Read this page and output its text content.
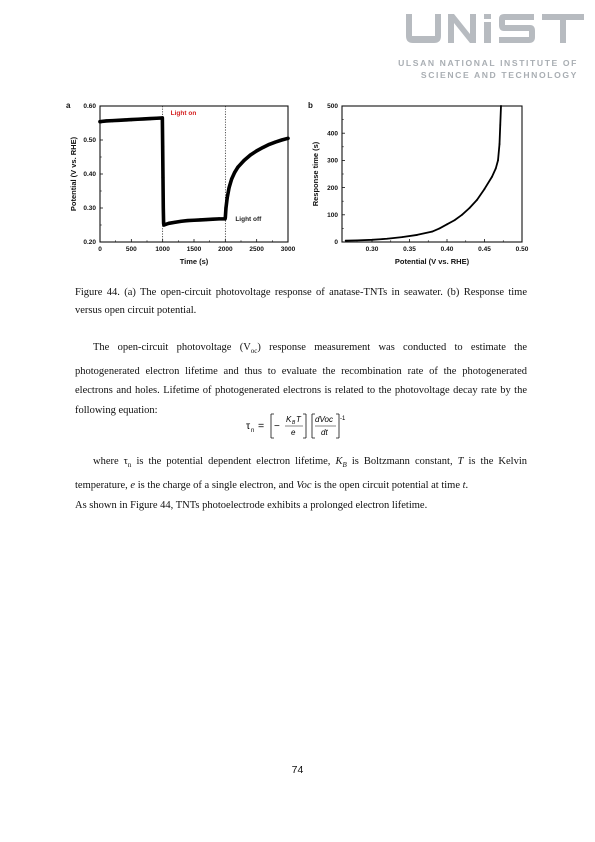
UNIST
ULSAN NATIONAL INSTITUTE OF
SCIENCE AND TECHNOLOGY
a
0	500	1000	1500	2000	2500	3000
0.20
0.30
0.40
0.50
0.60
Time (s)
Potential (V vs. RHE)
Light on
Light off
b
0.30	0.35	0.40	0.45	0.50
0
100
200
300
400
500
Potential (V vs. RHE)
Response time (s)
Figure 44. (a) The open-circuit photovoltage response of anatase-TNTs in seawater. (b) Response time versus open circuit potential.

The open-circuit photovoltage $(V_{oc})$ response measurement was conducted to estimate the photogenerated electron lifetime and thus to evaluate the recombination rate of the photogenerated electrons and holes. Lifetime of photogenerated electrons is related to the photovoltage decay rate by the following equation:

where $\tau_n$ is the potential dependent electron lifetime, $K_B$ is Boltzmann constant, T is the Kelvin temperature, e is the charge of a single electron, and Voc is the open circuit potential at time t.

As shown in Figure 44, TNTs photoelectrode exhibits a prolonged electron lifetime.

τ n = −
K B T
e
dVoc
dt
-1
74
